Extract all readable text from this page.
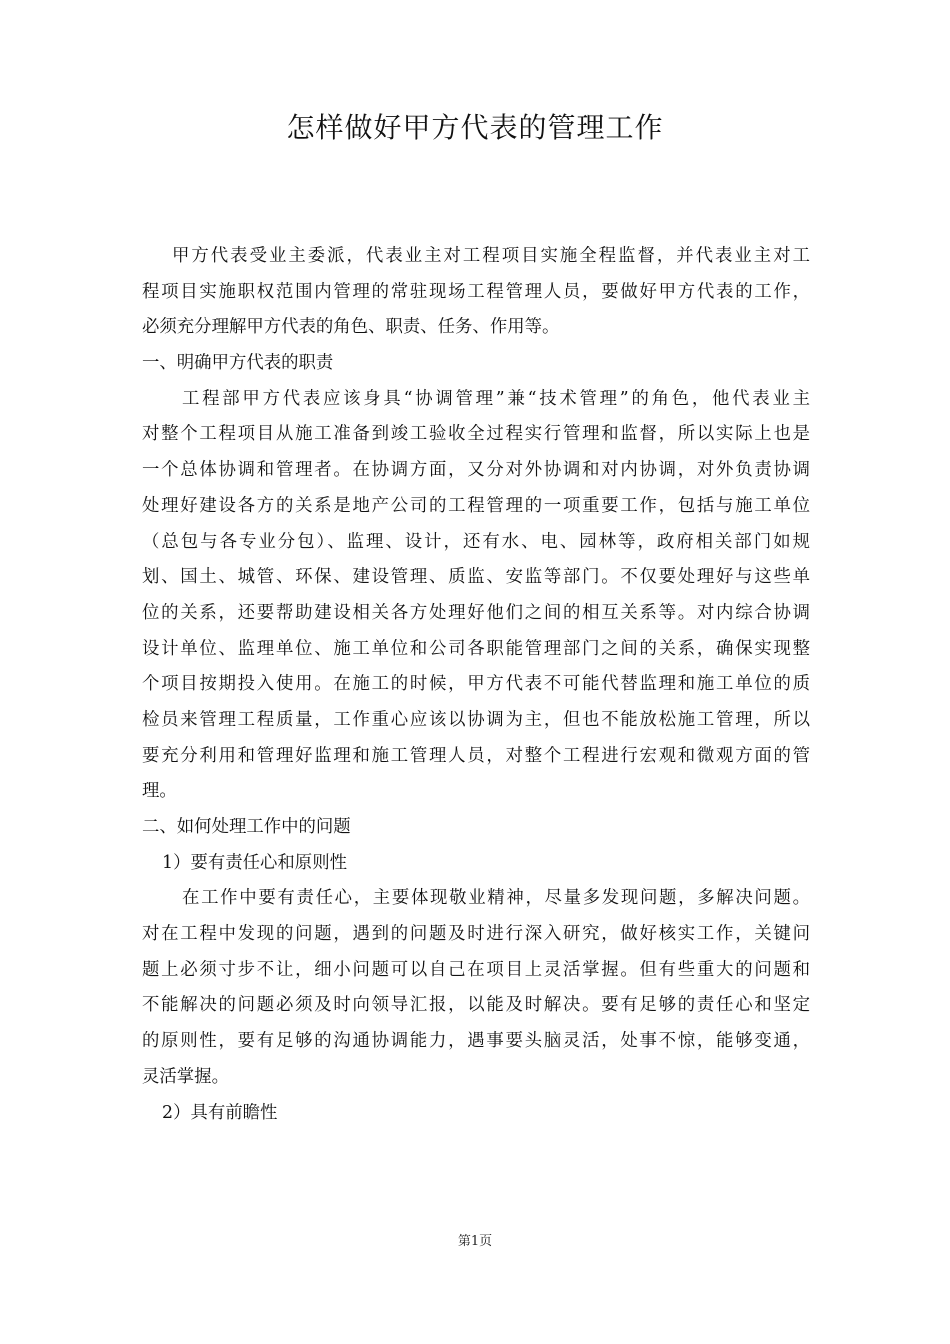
怎样做好甲方代表的管理工作
甲方代表受业主委派，代表业主对工程项目实施全程监督，并代表业主对工
程项目实施职权范围内管理的常驻现场工程管理人员，要做好甲方代表的工作，
必须充分理解甲方代表的角色、职责、任务、作用等。
一、明确甲方代表的职责
工程部甲方代表应该身具“协调管理”兼“技术管理”的角色，他代表业主
对整个工程项目从施工准备到竣工验收全过程实行管理和监督，所以实际上也是
一个总体协调和管理者。在协调方面，又分对外协调和对内协调，对外负责协调
处理好建设各方的关系是地产公司的工程管理的一项重要工作，包括与施工单位
（总包与各专业分包）、监理、设计，还有水、电、园林等，政府相关部门如规
划、国土、城管、环保、建设管理、质监、安监等部门。不仅要处理好与这些单
位的关系，还要帮助建设相关各方处理好他们之间的相互关系等。对内综合协调
设计单位、监理单位、施工单位和公司各职能管理部门之间的关系，确保实现整
个项目按期投入使用。在施工的时候，甲方代表不可能代替监理和施工单位的质
检员来管理工程质量，工作重心应该以协调为主，但也不能放松施工管理，所以
要充分利用和管理好监理和施工管理人员，对整个工程进行宏观和微观方面的管
理。
二、如何处理工作中的问题
1）要有责任心和原则性
在工作中要有责任心，主要体现敬业精神，尽量多发现问题，多解决问题。
对在工程中发现的问题，遇到的问题及时进行深入研究，做好核实工作，关键问
题上必须寸步不让，细小问题可以自己在项目上灵活掌握。但有些重大的问题和
不能解决的问题必须及时向领导汇报，以能及时解决。要有足够的责任心和坚定
的原则性，要有足够的沟通协调能力，遇事要头脑灵活，处事不惊，能够变通，
灵活掌握。
2）具有前瞻性
第1页
